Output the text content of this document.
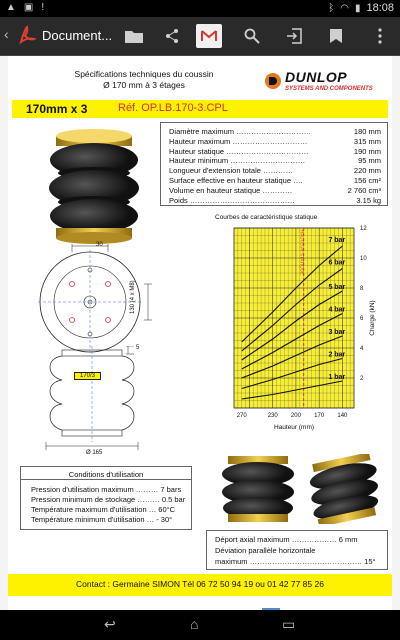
▲ ▣ !	ᛒ ◠ ▮ 18:08
‹	Document...
Spécifications techniques du coussin
Ø 170 mm à 3 étages	DUNLOP
SYSTEMS AND COMPONENTS
170mm x 3	Réf. OP.LB.170-3.CPL
30
130 (4 x M8)
5
170/3
Ø 165
Diamètre maximum …………………………	180 mm
Hauteur maximum …………………………	315 mm
Hauteur statique ……………………………	190 mm
Hauteur minimum …………………………	95 mm
Longueur d'extension totale …………	220 mm
Surface effective en hauteur statique ….	156 cm²
Volume en hauteur statique …………	2 760 cm³
Poids ……………………………………	3.15 kg
Courbes de caractéristique statique
HAUTEUR STATIQUE
1 bar
2 bar
3 bar
4 bar
5 bar
6 bar
7 bar
2
4
6
8
10
12
270	230 200 170 140
Hauteur (mm)
Charge (kN)
Conditions d'utilisation
Pression d'utilisation maximum ……… 7 bars
Pression minimum de stockage ……… 0.5 bar
Température maximum d'utilisation … 60°C
Température minimum d'utilisation … - 30°
Déport axial maximum ……………… 6 mm
Déviation parallèle horizontale
maximum ……………………………………… 15°
Contact : Germaine SIMON Tél 06 72 50 94 19 ou 01 42 77 85 26
↩	⌂	▭
